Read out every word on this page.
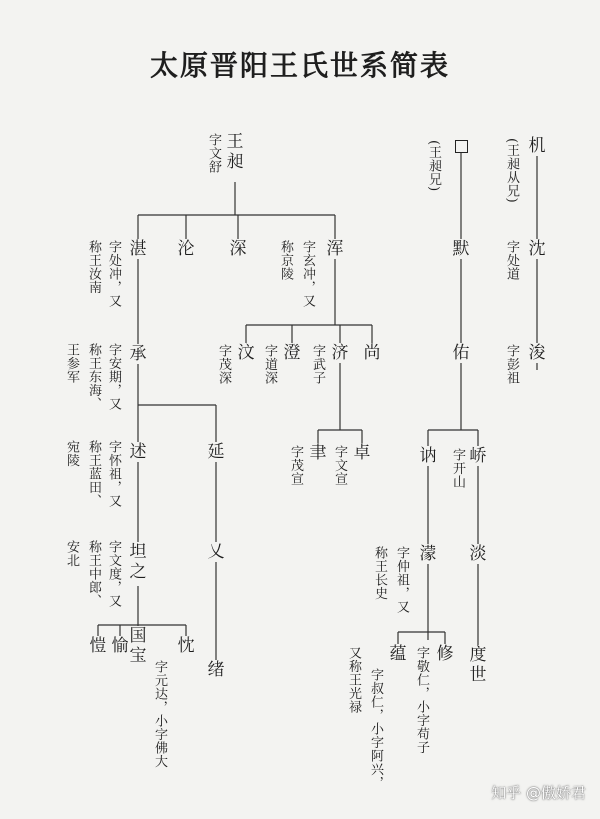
太原晋阳王氏世系简表
王昶
字文舒
湛
字处冲，又
称王汝南	沦 深	浑
字玄冲，又
称京陵
承
字安期，又
称王东海、
王参军	汶
字茂深	澄
字道深	济
字武子 尚
述
字怀祖，又
称王蓝田、
宛陵	延	聿
字茂宣	卓
字文宣
坦之
字文度，又
称王中郎、
安北	乂
愷 愉 国宝 忱
字元达，小字佛大 绪
(王昶兄)
默
佑
讷 字开山 峤
濛
字仲祖，又
称王长史	淡
蕴
字叔仁，小字阿兴，
又称王光禄	修
字敬仁，小字苟子 度世
机
(王昶从兄)
沈
字处道
浚
字彭祖
知乎 @傲娇君
